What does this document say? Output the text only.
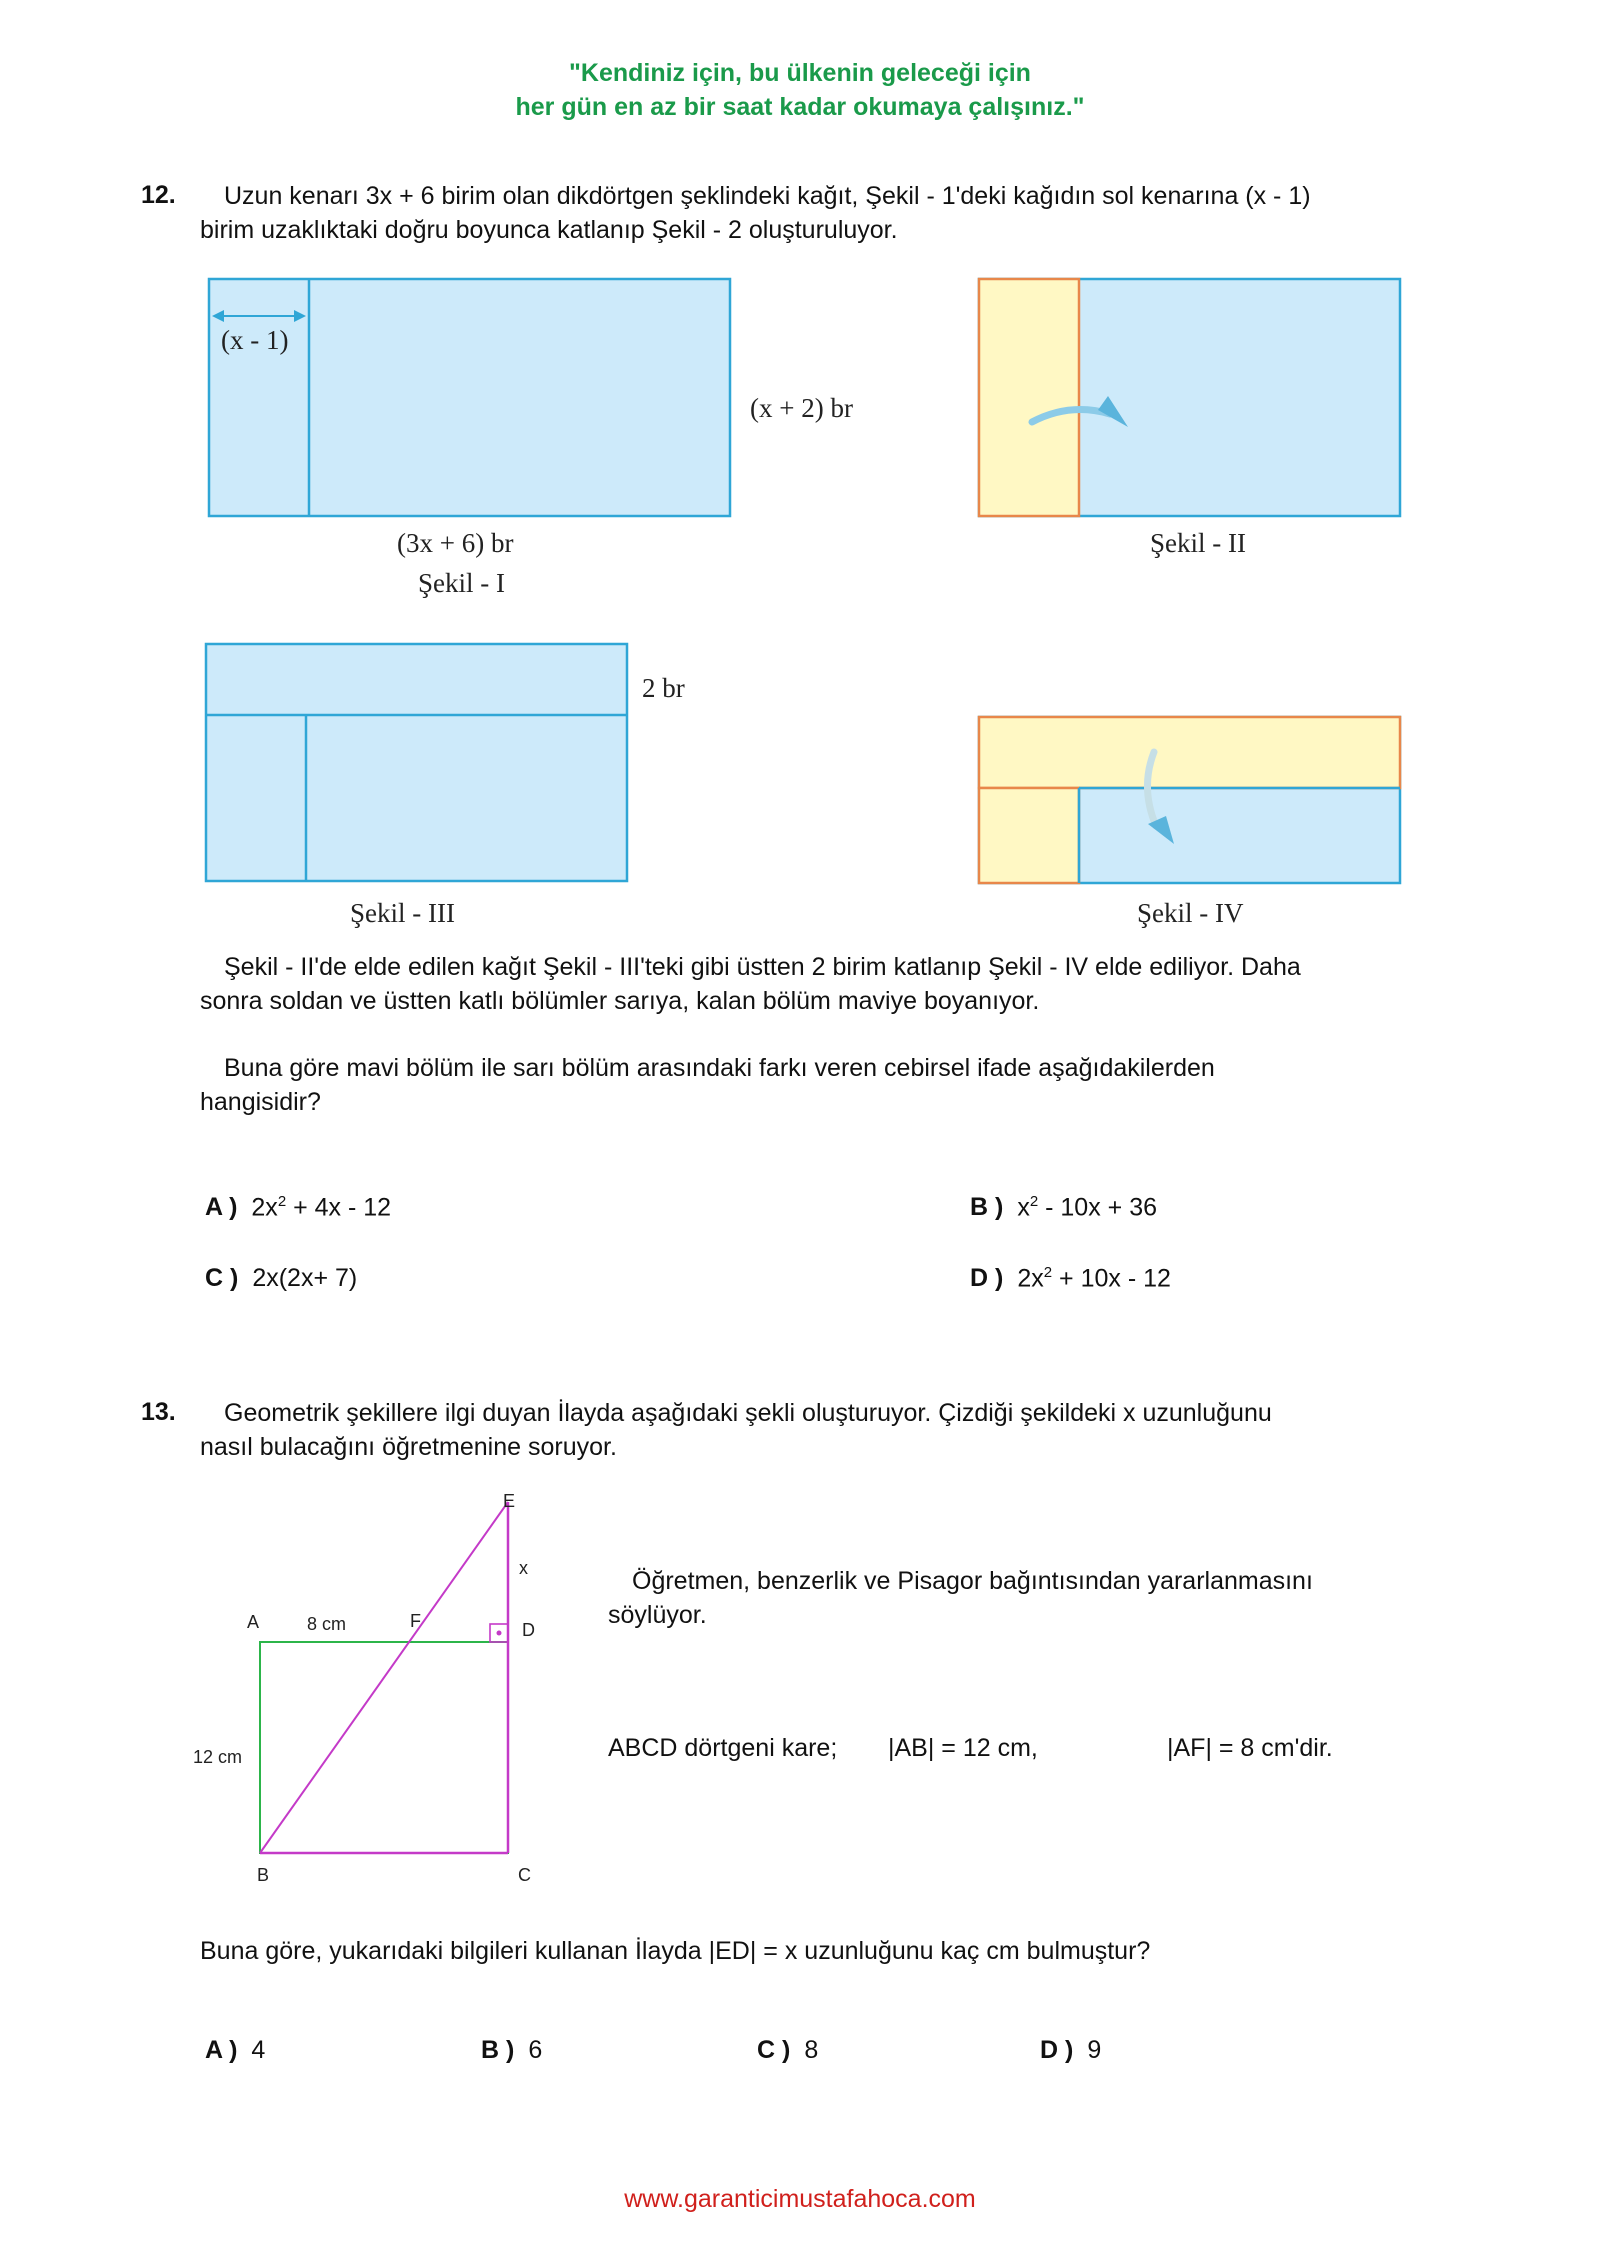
"Kendiniz için, bu ülkenin geleceği için
her gün en az bir saat kadar okumaya çalışınız."
12. Uzun kenarı 3x + 6 birim olan dikdörtgen şeklindeki kağıt, Şekil - 1'deki kağıdın sol kenarına (x - 1)
birim uzaklıktaki doğru boyunca katlanıp Şekil - 2 oluşturuluyor.
(x - 1)
(x + 2) br
(3x + 6) br
Şekil - I
Şekil - II
2 br
Şekil - III	Şekil - IV
Şekil - II'de elde edilen kağıt Şekil - III'teki gibi üstten 2 birim katlanıp Şekil - IV elde ediliyor. Daha
sonra soldan ve üstten katlı bölümler sarıya, kalan bölüm maviye boyanıyor.
Buna göre mavi bölüm ile sarı bölüm arasındaki farkı veren cebirsel ifade aşağıdakilerden
hangisidir?
A ) $2x^2 + 4x - 12$	B ) $x^2 - 10x + 36$
C ) 2x(2x+ 7)	D ) $2x^2 + 10x - 12$
13. Geometrik şekillere ilgi duyan İlayda aşağıdaki şekli oluşturuyor. Çizdiği şekildeki x uzunluğunu
nasıl bulacağını öğretmenine soruyor.
E
x
A	8 cm	F	D
12 cm
B	C
Öğretmen, benzerlik ve Pisagor bağıntısından yararlanmasını
söylüyor.
ABCD dörtgeni kare; |AB| = 12 cm,	|AF| = 8 cm'dir.
Buna göre, yukarıdaki bilgileri kullanan İlayda |ED| = x uzunluğunu kaç cm bulmuştur?
A ) 4	B ) 6	C ) 8	D ) 9
www.garanticimustafahoca.com
